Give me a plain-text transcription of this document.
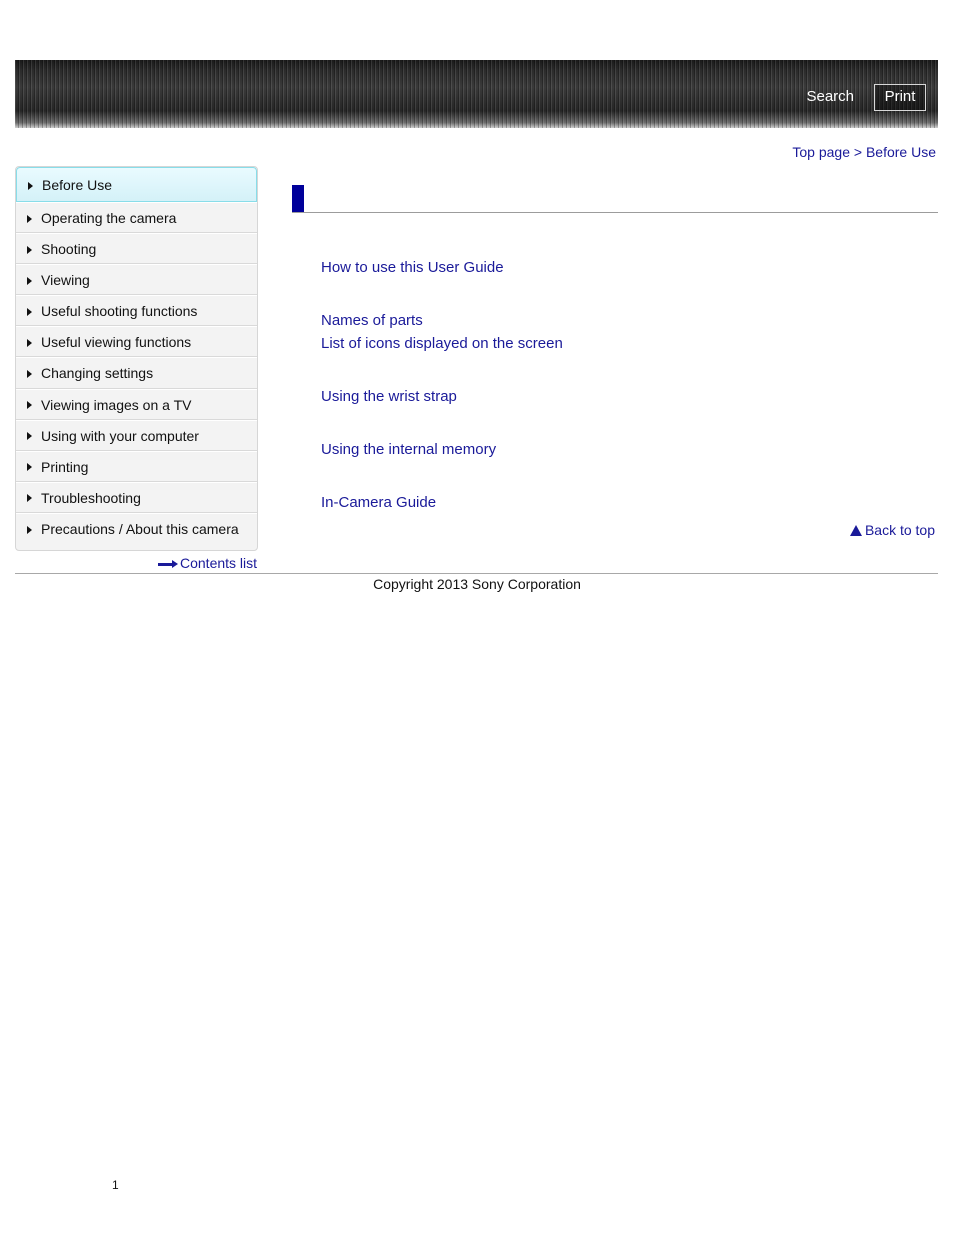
Search	Print
Top page > Before Use
Before Use
Operating the camera
Shooting
Viewing
Useful shooting functions
Useful viewing functions
Changing settings
Viewing images on a TV
Using with your computer
Printing
Troubleshooting
Precautions / About this camera
Contents list
How to use this User Guide
Names of parts
List of icons displayed on the screen
Using the wrist strap
Using the internal memory
In-Camera Guide
Back to top
Copyright 2013 Sony Corporation
1
